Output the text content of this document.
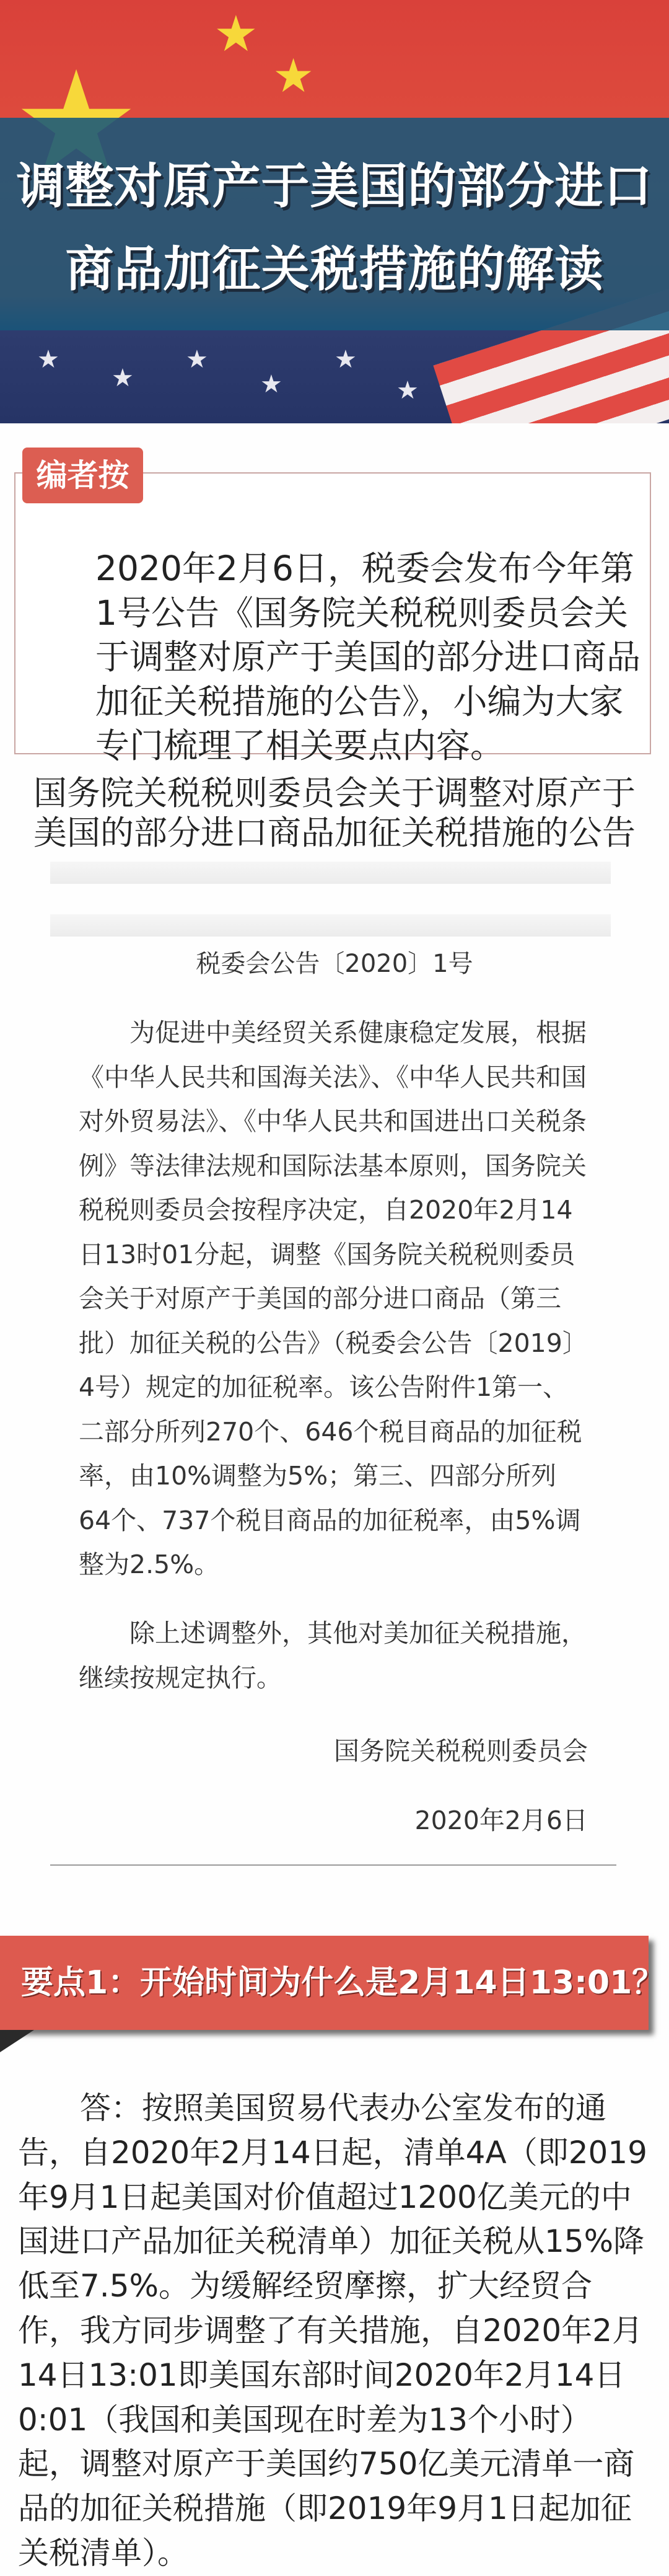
★
★
★
★
★
★
★
★
调整对原产于美国的部分进口
商品加征关税措施的解读
编者按
2020年2月6日，税委会发布今年第1号公告《国务院关税税则委员会关于调整对原产于美国的部分进口商品加征关税措施的公告》，小编为大家专门梳理了相关要点内容。
国务院关税税则委员会关于调整对原产于美国的部分进口商品加征关税措施的公告
税委会公告〔2020〕1号

为促进中美经贸关系健康稳定发展，根据《中华人民共和国海关法》、《中华人民共和国对外贸易法》、《中华人民共和国进出口关税条例》等法律法规和国际法基本原则，国务院关税税则委员会按程序决定，自2020年2月14日13时01分起，调整《国务院关税税则委员会关于对原产于美国的部分进口商品（第三批）加征关税的公告》（税委会公告〔2019〕4号）规定的加征税率。该公告附件1第一、二部分所列270个、646个税目商品的加征税率，由10%调整为5%；第三、四部分所列64个、737个税目商品的加征税率，由5%调整为2.5%。

除上述调整外，其他对美加征关税措施，继续按规定执行。

国务院关税税则委员会
2020年2月6日
要点1：开始时间为什么是2月14日13:01？

答：按照美国贸易代表办公室发布的通告，自2020年2月14日起，清单4A（即2019年9月1日起美国对价值超过1200亿美元的中国进口产品加征关税清单）加征关税从15%降低至7.5%。为缓解经贸摩擦，扩大经贸合作，我方同步调整了有关措施，自2020年2月14日13:01即美国东部时间2020年2月14日0:01（我国和美国现在时差为13个小时）起，调整对原产于美国约750亿美元清单一商品的加征关税措施（即2019年9月1日起加征关税清单）。
